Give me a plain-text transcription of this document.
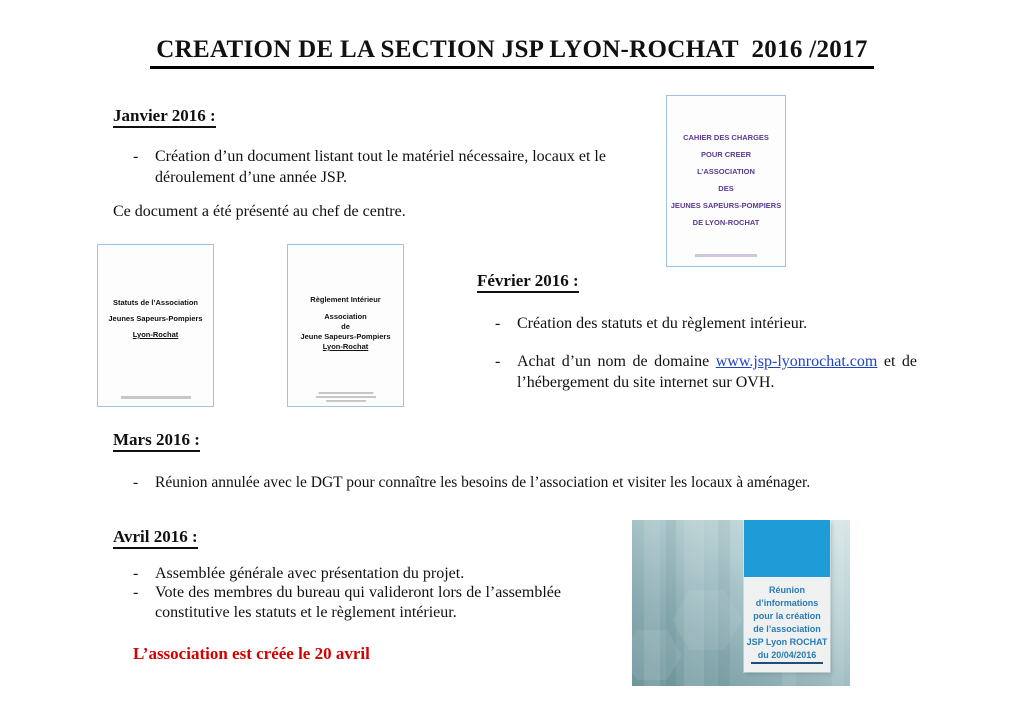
CREATION DE LA SECTION JSP LYON-ROCHAT  2016 /2017
Janvier 2016 :
-	Création d’un document listant tout le matériel nécessaire, locaux et le déroulement d’une année JSP.
Ce document a été présenté au chef de centre.
CAHIER DES CHARGES
POUR CREER
L’ASSOCIATION
DES
JEUNES SAPEURS-POMPIERS
DE LYON-ROCHAT
Statuts de l’Association
Jeunes Sapeurs-Pompiers
Lyon-Rochat
Règlement Intérieur
Association
de
Jeune Sapeurs-Pompiers
Lyon-Rochat
Février 2016 :
-	Création des statuts et du règlement intérieur.
-	Achat d’un nom de domaine www.jsp-lyonrochat.com et de l’hébergement du site internet sur OVH.
Mars 2016 :
-	Réunion annulée avec le DGT pour connaître les besoins de l’association et visiter les locaux à aménager.
Avril 2016 :
-	Assemblée générale avec présentation du projet.
-	Vote des membres du bureau qui valideront lors de l’assemblée constitutive les statuts et le règlement intérieur.
L’association est créée le 20 avril
Réunion
d’informations
pour la création
de l’association
JSP Lyon ROCHAT
du 20/04/2016
